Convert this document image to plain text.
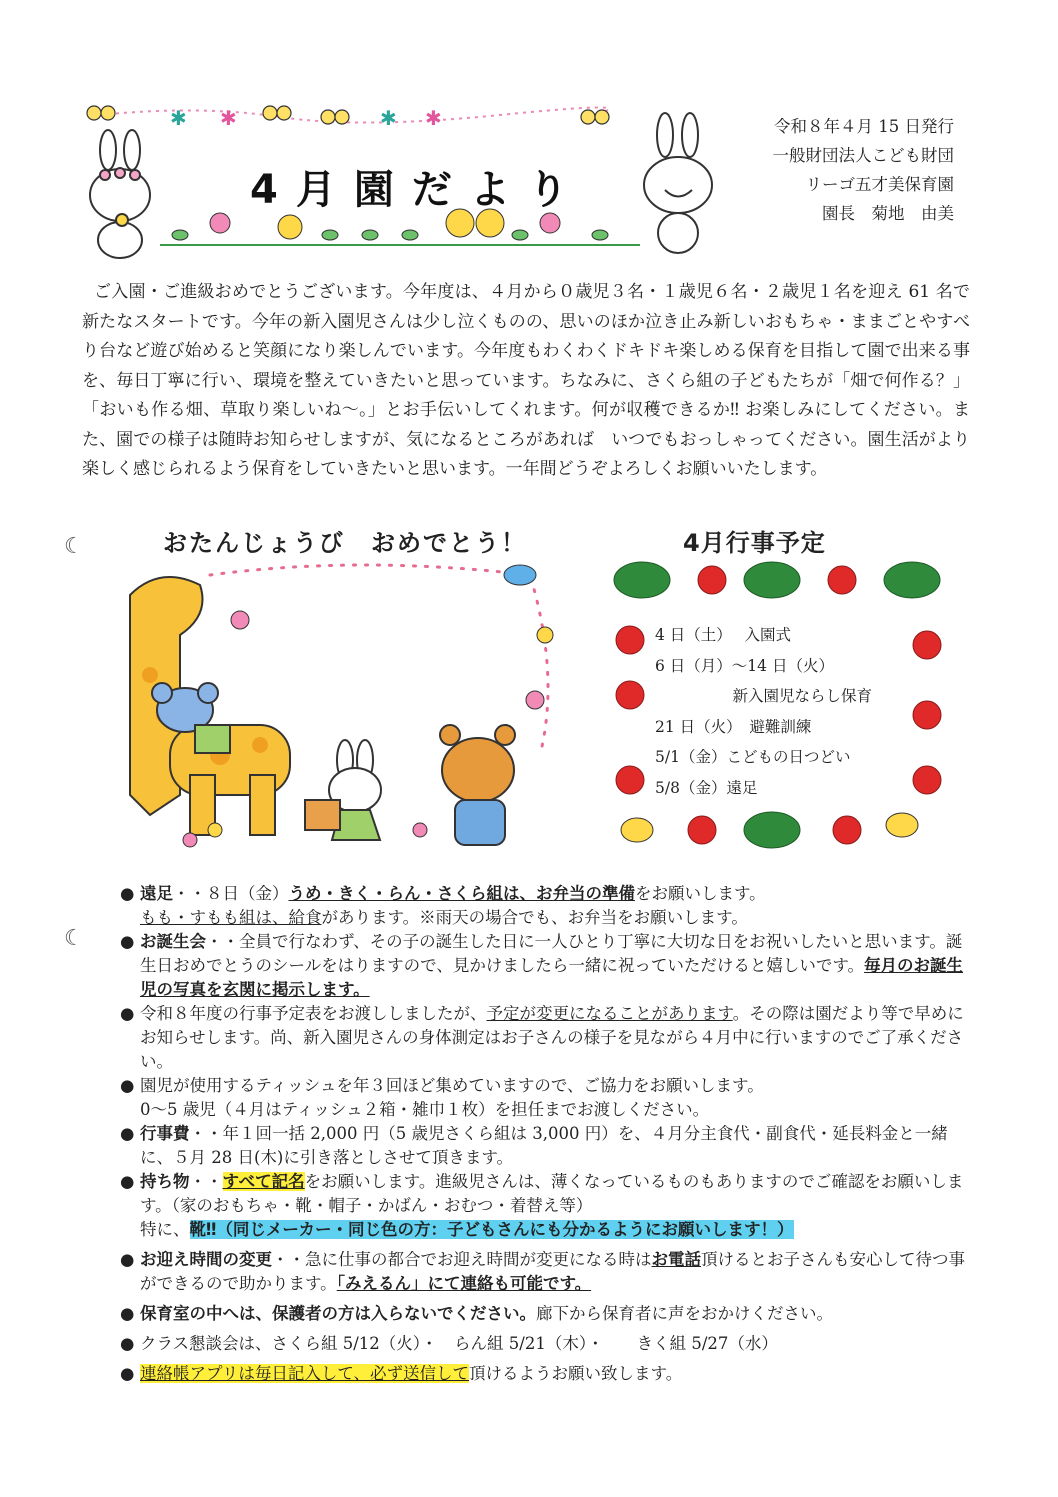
✱ ✱	✱ ✱
4月園だより
令和８年４月 15 日発行
一般財団法人こども財団
リーゴ五才美保育園
園長　菊地　由美
ご入園・ご進級おめでとうございます。今年度は、４月から０歳児３名・１歳児６名・２歳児１名を迎え 61 名で新たなスタートです。今年の新入園児さんは少し泣くものの、思いのほか泣き止み新しいおもちゃ・ままごとやすべり台など遊び始めると笑顔になり楽しんでいます。今年度もわくわくドキドキ楽しめる保育を目指して園で出来る事を、毎日丁寧に行い、環境を整えていきたいと思っています。ちなみに、さくら組の子どもたちが「畑で何作る？」「おいも作る畑、草取り楽しいね～。」とお手伝いしてくれます。何が収穫できるか‼ お楽しみにしてください。また、園での様子は随時お知らせしますが、気になるところがあれば　いつでもおっしゃってください。園生活がより楽しく感じられるよう保育をしていきたいと思います。一年間どうぞよろしくお願いいたします。
☾
☾
おたんじょうび　おめでとう！	4月行事予定
4 日（土）　 入園式
6 日（月）～14 日（火）
　　　　　新入園児ならし保育
21 日（火）　避難訓練
5/1（金）こどもの日つどい
5/8（金）遠足
● 遠足・・８日（金）うめ・きく・らん・さくら組は、お弁当の準備をお願いします。
もも・すもも組は、給食があります。※雨天の場合でも、お弁当をお願いします。
● お誕生会・・全員で行なわず、その子の誕生した日に一人ひとり丁寧に大切な日をお祝いしたいと思います。誕生日おめでとうのシールをはりますので、見かけましたら一緒に祝っていただけると嬉しいです。毎月のお誕生児の写真を玄関に掲示します。
● 令和８年度の行事予定表をお渡ししましたが、予定が変更になることがあります。その際は園だより等で早めにお知らせします。尚、新入園児さんの身体測定はお子さんの様子を見ながら４月中に行いますのでご了承ください。
● 園児が使用するティッシュを年３回ほど集めていますので、ご協力をお願いします。
0～5 歳児（４月はティッシュ２箱・雑巾１枚）を担任までお渡しください。
● 行事費・・年１回一括 2,000 円（5 歳児さくら組は 3,000 円）を、４月分主食代・副食代・延長料金と一緒に、５月 28 日(木)に引き落としさせて頂きます。
● 持ち物・・すべて記名をお願いします。進級児さんは、薄くなっているものもありますのでご確認をお願いします。（家のおもちゃ・靴・帽子・かばん・おむつ・着替え等）
特に、靴‼（同じメーカー・同じ色の方：子どもさんにも分かるようにお願いします！）
● お迎え時間の変更・・急に仕事の都合でお迎え時間が変更になる時はお電話頂けるとお子さんも安心して待つ事ができるので助かります。「みえるん」にて連絡も可能です。
● 保育室の中へは、保護者の方は入らないでください。廊下から保育者に声をおかけください。
● クラス懇談会は、さくら組 5/12（火）・　らん組 5/21（木）・　　きく組 5/27（水）
● 連絡帳アプリは毎日記入して、必ず送信して頂けるようお願い致します。
